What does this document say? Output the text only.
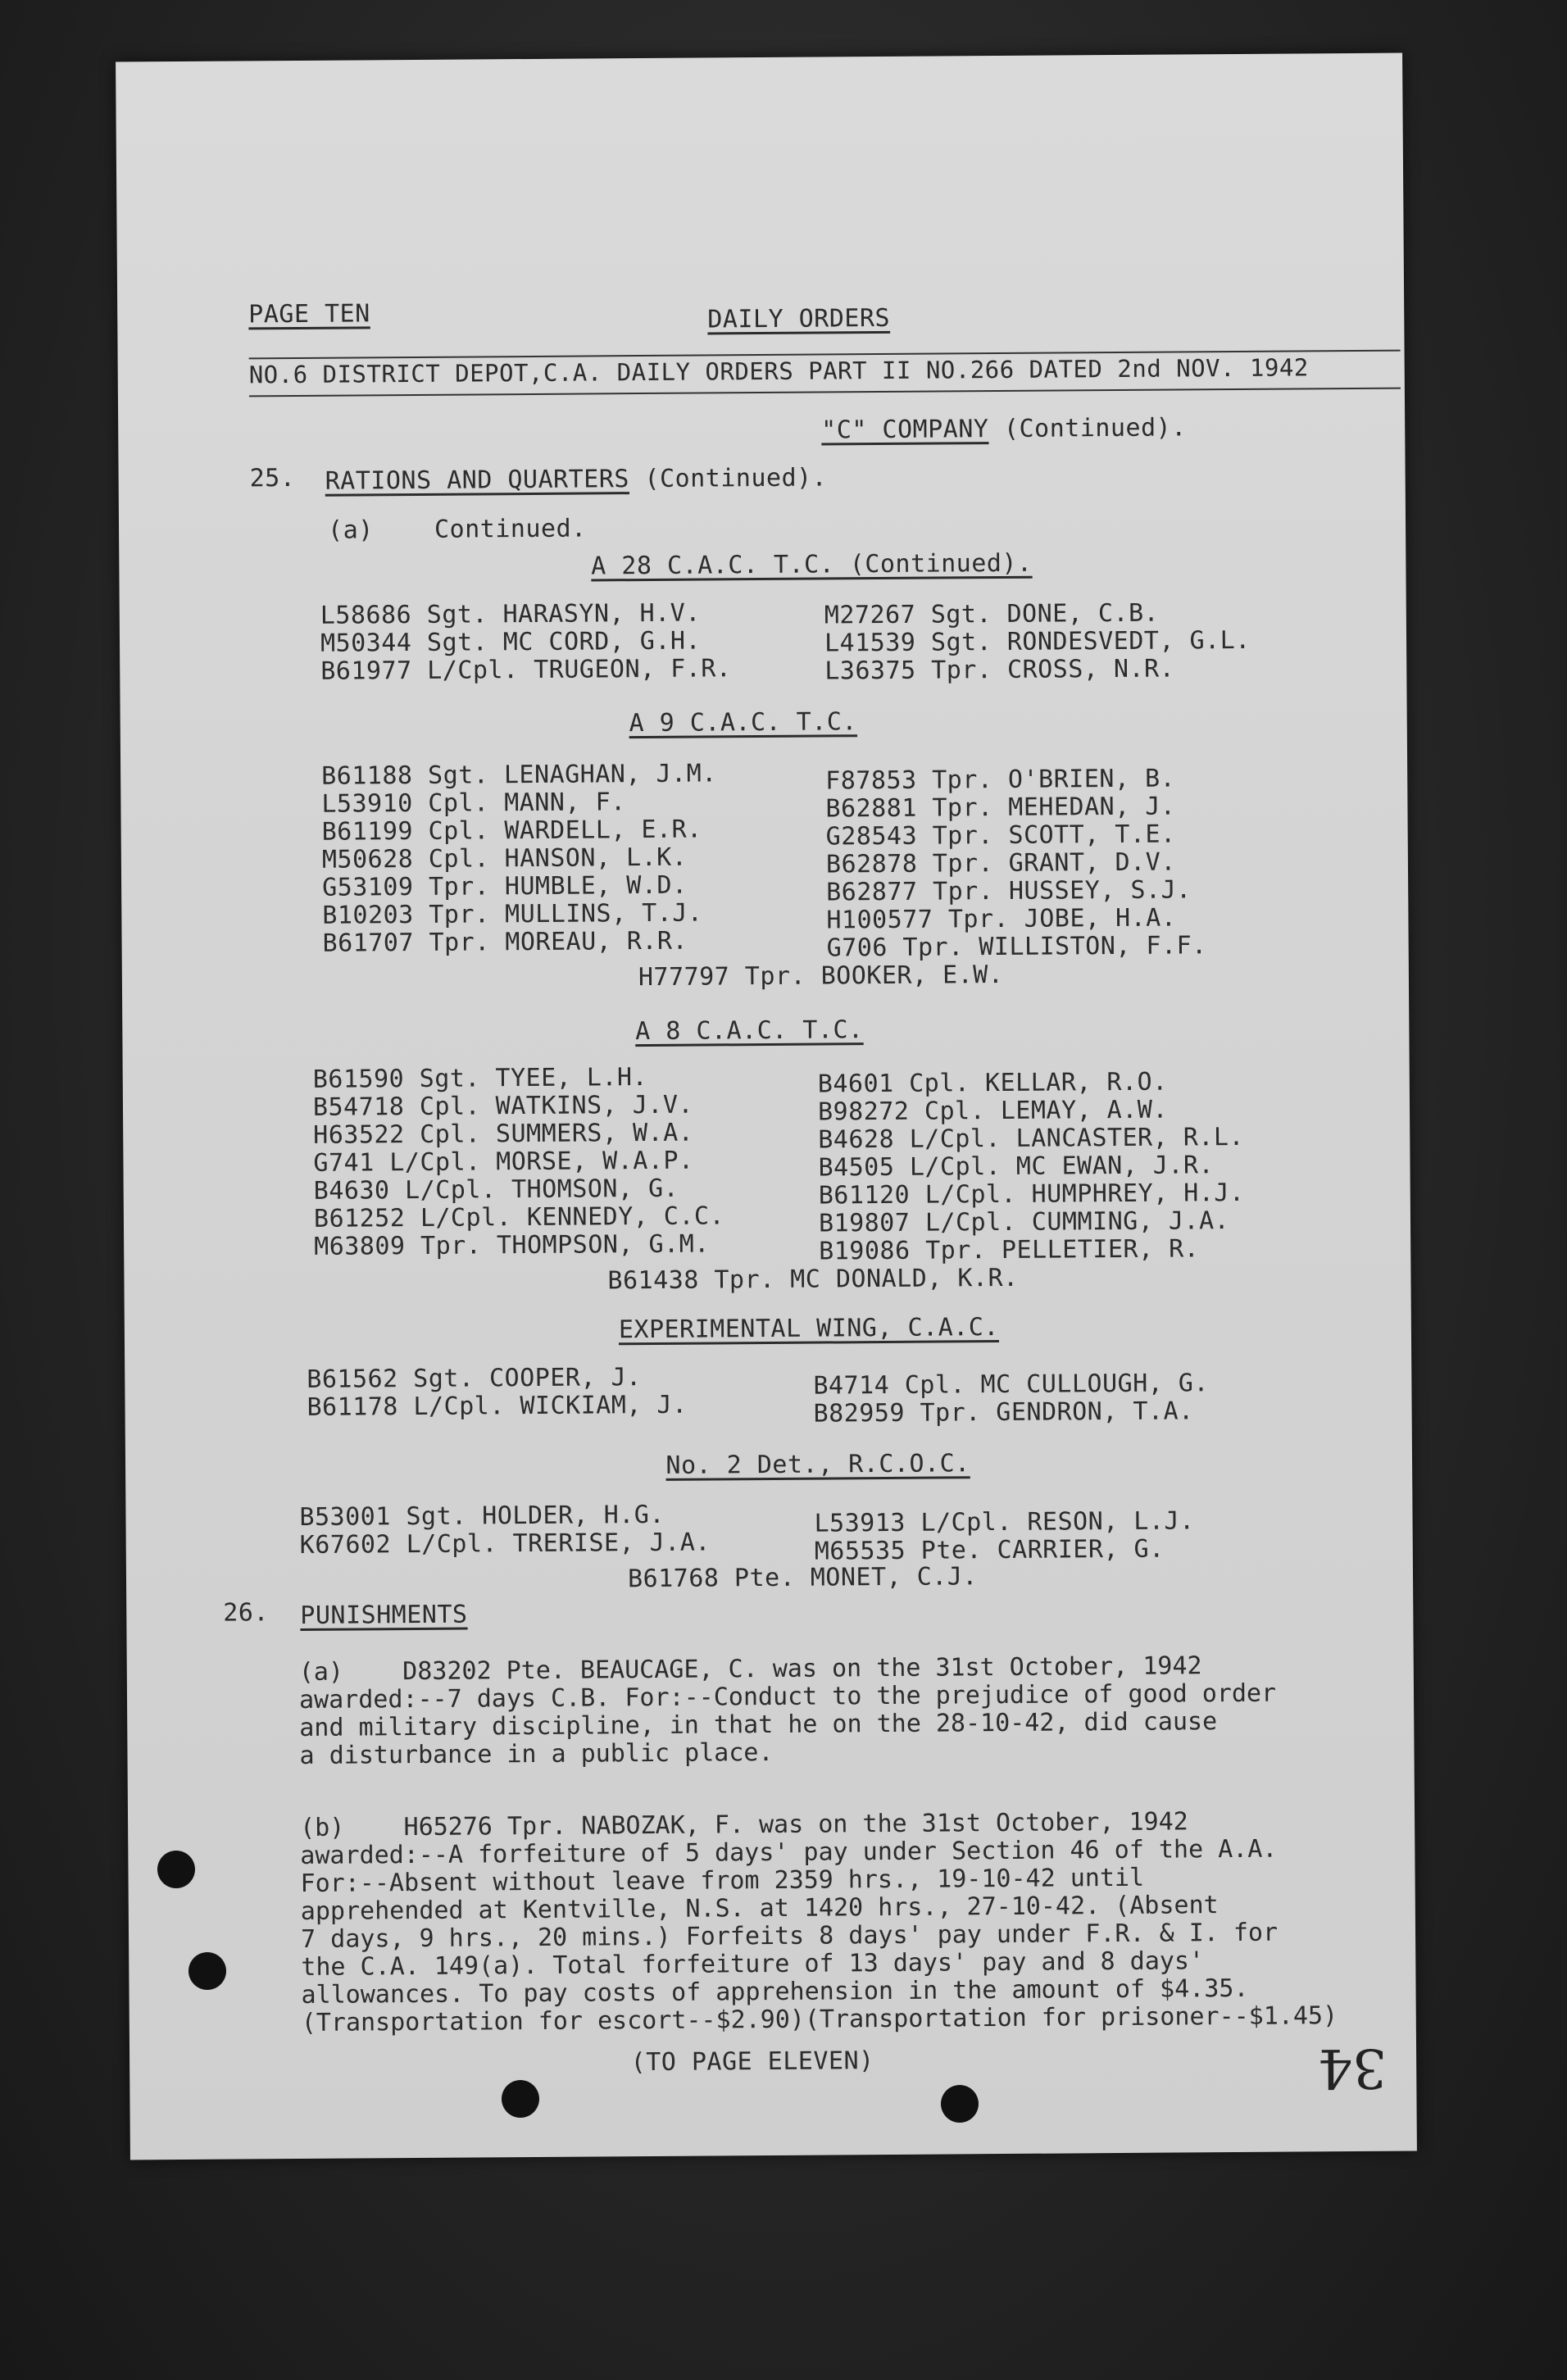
PAGE TEN	DAILY ORDERS
NO.6 DISTRICT DEPOT,C.A. DAILY ORDERS PART II NO.266 DATED 2nd NOV. 1942
"C" COMPANY (Continued).
25. RATIONS AND QUARTERS (Continued).
(a)    Continued.
A 28 C.A.C. T.C. (Continued).
L58686 Sgt. HARASYN, H.V.
M50344 Sgt. MC CORD, G.H.
B61977 L/Cpl. TRUGEON, F.R.
M27267 Sgt. DONE, C.B.
L41539 Sgt. RONDESVEDT, G.L.
L36375 Tpr. CROSS, N.R.
A 9 C.A.C. T.C.
B61188 Sgt. LENAGHAN, J.M.
L53910 Cpl. MANN, F.
B61199 Cpl. WARDELL, E.R.
M50628 Cpl. HANSON, L.K.
G53109 Tpr. HUMBLE, W.D.
B10203 Tpr. MULLINS, T.J.
B61707 Tpr. MOREAU, R.R.
F87853 Tpr. O'BRIEN, B.
B62881 Tpr. MEHEDAN, J.
G28543 Tpr. SCOTT, T.E.
B62878 Tpr. GRANT, D.V.
B62877 Tpr. HUSSEY, S.J.
H100577 Tpr. JOBE, H.A.
G706 Tpr. WILLISTON, F.F.
H77797 Tpr. BOOKER, E.W.
A 8 C.A.C. T.C.
B61590 Sgt. TYEE, L.H.
B54718 Cpl. WATKINS, J.V.
H63522 Cpl. SUMMERS, W.A.
G741 L/Cpl. MORSE, W.A.P.
B4630 L/Cpl. THOMSON, G.
B61252 L/Cpl. KENNEDY, C.C.
M63809 Tpr. THOMPSON, G.M.
B4601 Cpl. KELLAR, R.O.
B98272 Cpl. LEMAY, A.W.
B4628 L/Cpl. LANCASTER, R.L.
B4505 L/Cpl. MC EWAN, J.R.
B61120 L/Cpl. HUMPHREY, H.J.
B19807 L/Cpl. CUMMING, J.A.
B19086 Tpr. PELLETIER, R.
B61438 Tpr. MC DONALD, K.R.
EXPERIMENTAL WING, C.A.C.
B61562 Sgt. COOPER, J.
B61178 L/Cpl. WICKIAM, J.
B4714 Cpl. MC CULLOUGH, G.
B82959 Tpr. GENDRON, T.A.
No. 2 Det., R.C.O.C.
B53001 Sgt. HOLDER, H.G.
K67602 L/Cpl. TRERISE, J.A.
L53913 L/Cpl. RESON, L.J.
M65535 Pte. CARRIER, G.
B61768 Pte. MONET, C.J.
26. PUNISHMENTS
(a)    D83202 Pte. BEAUCAGE, C. was on the 31st October, 1942
awarded:--7 days C.B. For:--Conduct to the prejudice of good order
and military discipline, in that he on the 28-10-42, did cause
a disturbance in a public place.
(b)    H65276 Tpr. NABOZAK, F. was on the 31st October, 1942
awarded:--A forfeiture of 5 days' pay under Section 46 of the A.A.
For:--Absent without leave from 2359 hrs., 19-10-42 until
apprehended at Kentville, N.S. at 1420 hrs., 27-10-42. (Absent
7 days, 9 hrs., 20 mins.) Forfeits 8 days' pay under F.R. & I. for
the C.A. 149(a). Total forfeiture of 13 days' pay and 8 days'
allowances. To pay costs of apprehension in the amount of $4.35.
(Transportation for escort--$2.90)(Transportation for prisoner--$1.45)
(TO PAGE ELEVEN)	34
